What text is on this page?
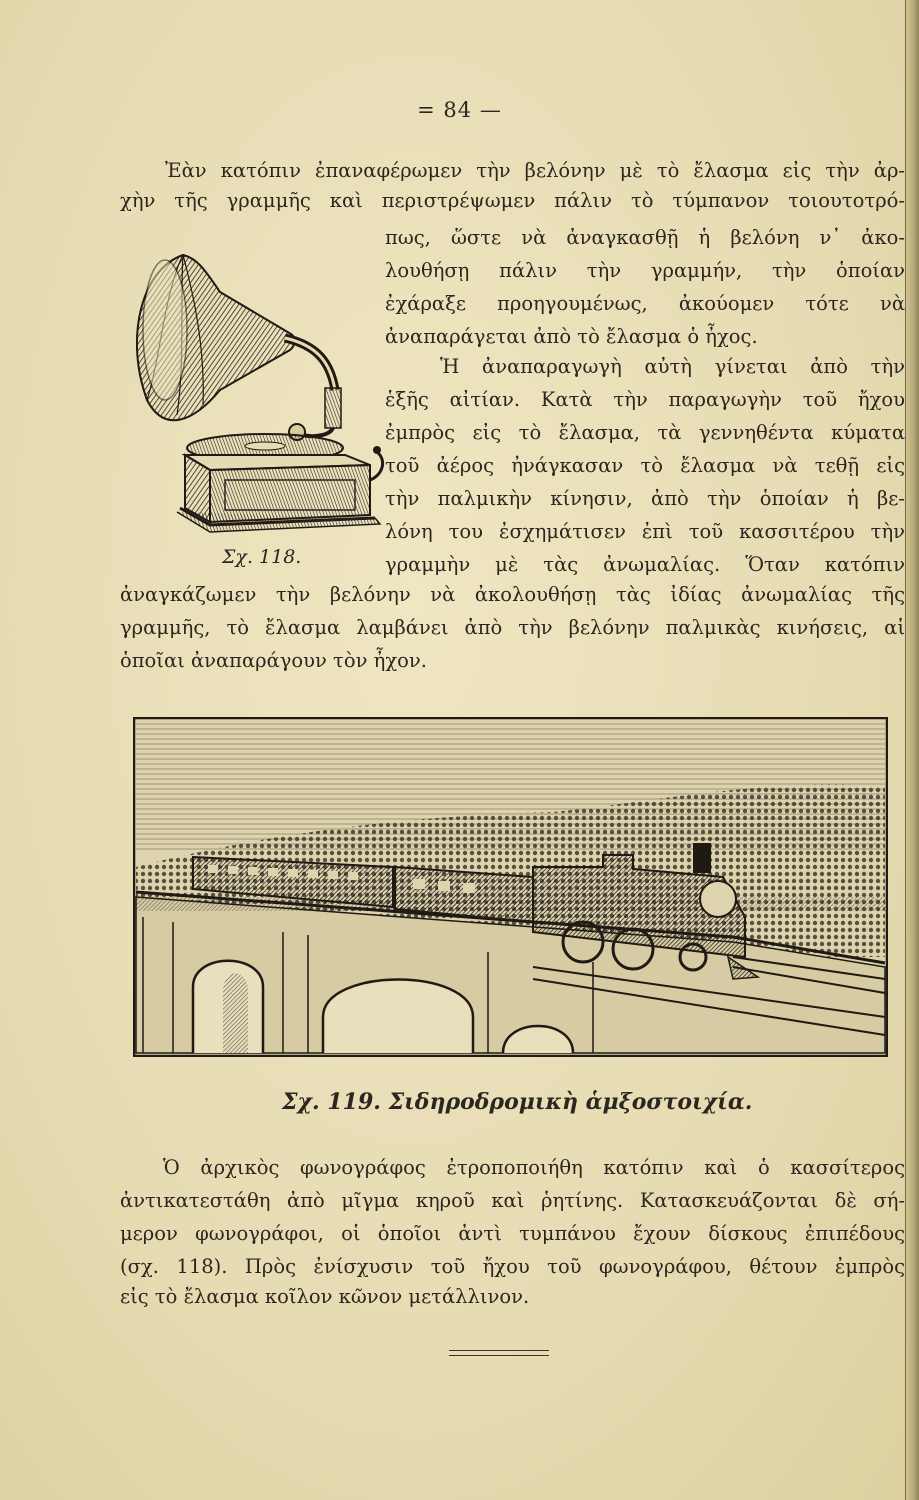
= 84 —
Ἐὰν κατόπιν ἐπαναφέρωμεν τὴν βελόνην μὲ τὸ ἔλασμα εἰς τὴν ἀρ-
χὴν τῆς γραμμῆς καὶ περιστρέψωμεν πάλιν τὸ τύμπανον τοιουτοτρό-
πως, ὥστε νὰ ἀναγκασθῇ ἡ βελόνη ν᾽ ἀκο-
λουθήσῃ πάλιν τὴν γραμμήν, τὴν ὁποίαν
ἐχάραξε προηγουμένως, ἀκούομεν τότε νὰ
ἀναπαράγεται ἀπὸ τὸ ἔλασμα ὁ ἦχος.
Ἡ ἀναπαραγωγὴ αὐτὴ γίνεται ἀπὸ τὴν
ἑξῆς αἰτίαν. Κατὰ τὴν παραγωγὴν τοῦ ἤχου
ἐμπρὸς εἰς τὸ ἔλασμα, τὰ γεννηθέντα κύματα
τοῦ ἀέρος ἠνάγκασαν τὸ ἔλασμα νὰ τεθῇ εἰς
τὴν παλμικὴν κίνησιν, ἀπὸ τὴν ὁποίαν ἡ βε-
λόνη του ἐσχημάτισεν ἐπὶ τοῦ κασσιτέρου τὴν
γραμμὴν μὲ τὰς ἀνωμαλίας. Ὅταν κατόπιν
Σχ. 118.
ἀναγκάζωμεν τὴν βελόνην νὰ ἀκολουθήσῃ τὰς ἰδίας ἀνωμαλίας τῆς
γραμμῆς, τὸ ἔλασμα λαμβάνει ἀπὸ τὴν βελόνην παλμικὰς κινήσεις, αἱ
ὁποῖαι ἀναπαράγουν τὸν ἦχον.
Σχ. 119. Σιδηροδρομικὴ ἁμξοστοιχία.
Ὁ ἀρχικὸς φωνογράφος ἐτροποποιήθη κατόπιν καὶ ὁ κασσίτερος
ἀντικατεστάθη ἀπὸ μῖγμα κηροῦ καὶ ῥητίνης. Κατασκευάζονται δὲ σή-
μερον φωνογράφοι, οἱ ὁποῖοι ἀντὶ τυμπάνου ἔχουν δίσκους ἐπιπέδους
(σχ. 118). Πρὸς ἐνίσχυσιν τοῦ ἤχου τοῦ φωνογράφου, θέτουν ἐμπρὸς
εἰς τὸ ἔλασμα κοῖλον κῶνον μετάλλινον.
